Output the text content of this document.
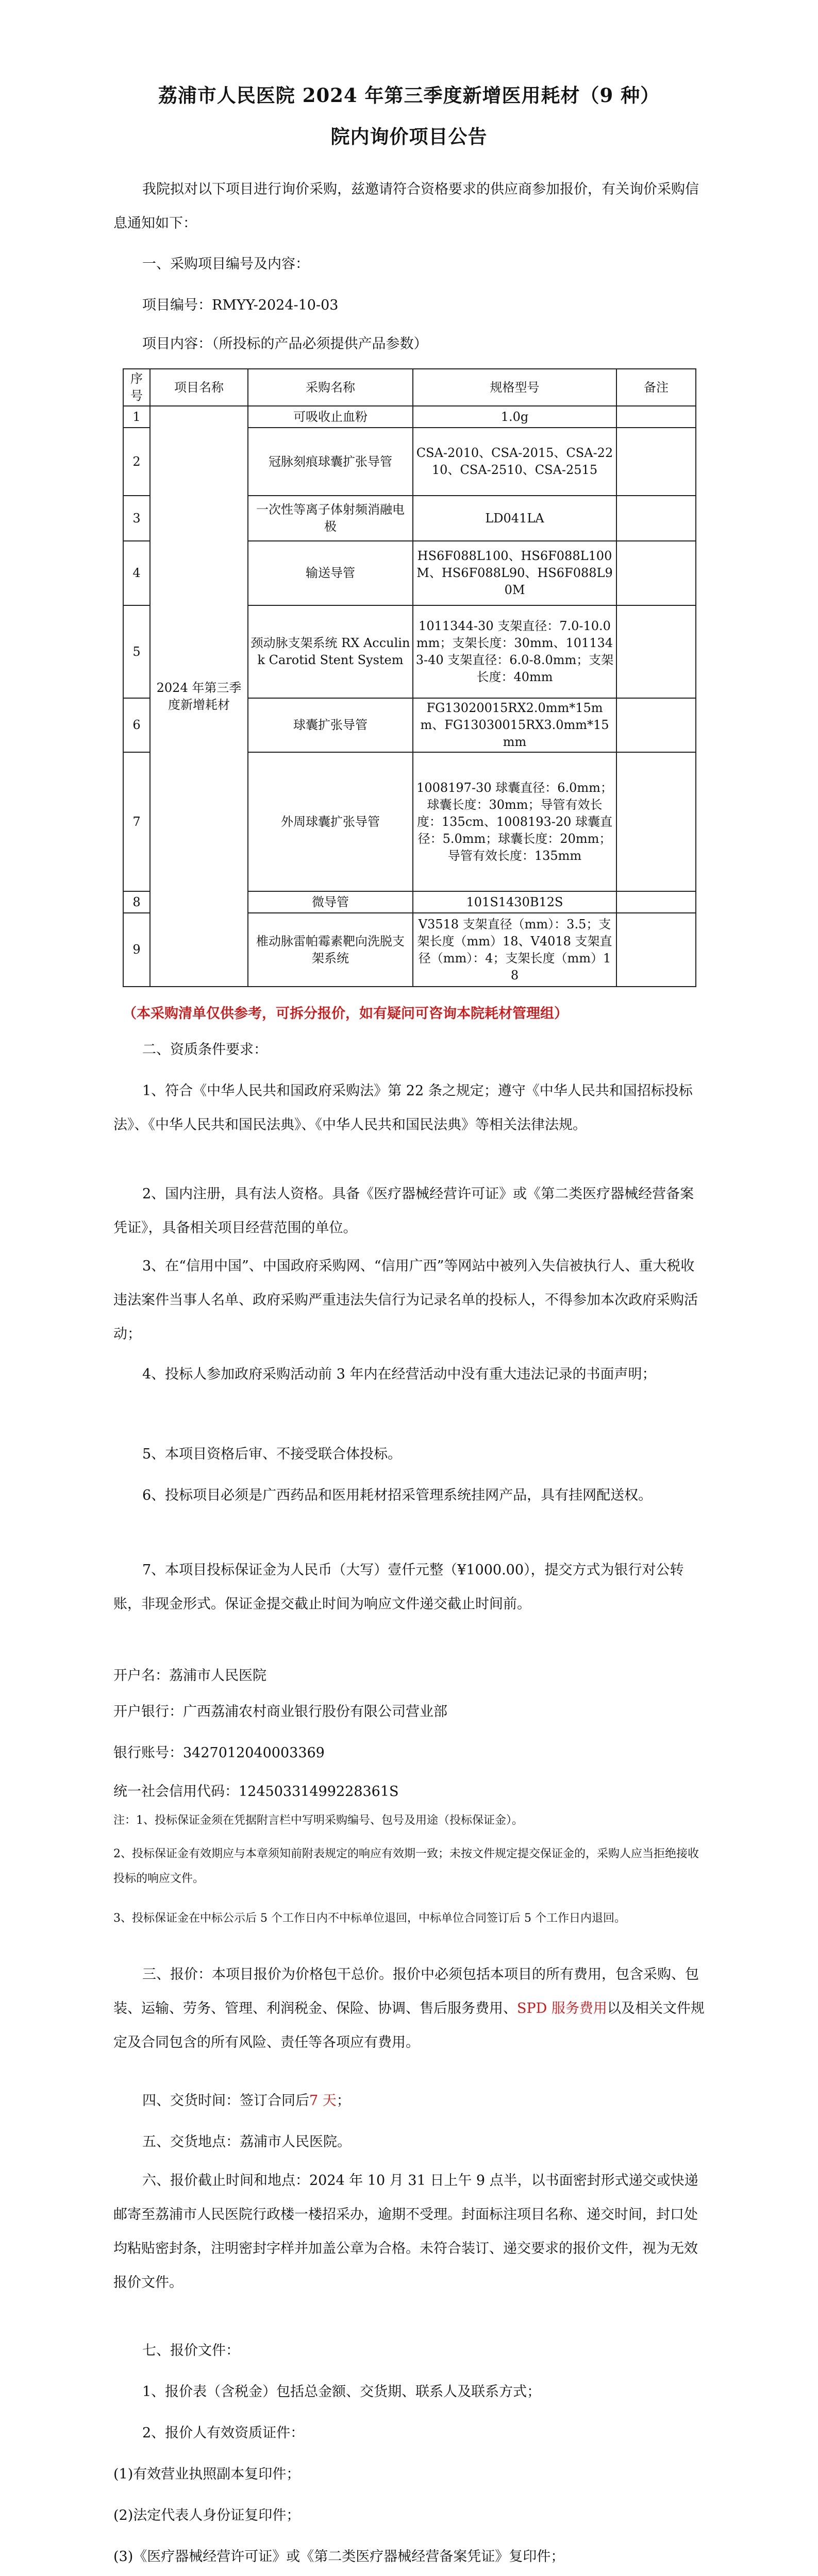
荔浦市人民医院 2024 年第三季度新增医用耗材（9 种）
院内询价项目公告
我院拟对以下项目进行询价采购，兹邀请符合资格要求的供应商参加报价，有关询价采购信息通知如下：
一、采购项目编号及内容：
项目编号：RMYY-2024-10-03
项目内容：（所投标的产品必须提供产品参数）
序号	项目名称	采购名称	规格型号	备注
1	2024 年第三季度新增耗材	可吸收止血粉	1.0g	
2		冠脉刻痕球囊扩张导管	CSA-2010、CSA-2015、CSA-2210、CSA-2510、CSA-2515	
3		一次性等离子体射频消融电极	LD041LA	
4		输送导管	HS6F088L100、HS6F088L100M、HS6F088L90、HS6F088L90M	
5		颈动脉支架系统 RX Acculink Carotid Stent System	1011344-30 支架直径：7.0-10.0mm；支架长度：30mm、1011343-40 支架直径：6.0-8.0mm；支架长度：40mm	
6		球囊扩张导管	FG13020015RX2.0mm*15mm、FG13030015RX3.0mm*15mm	
7		外周球囊扩张导管	1008197-30 球囊直径：6.0mm；球囊长度：30mm；导管有效长度：135cm、1008193-20 球囊直径：5.0mm；球囊长度：20mm；导管有效长度：135mm	
8		微导管	101S1430B12S	
9		椎动脉雷帕霉素靶向洗脱支架系统	V3518 支架直径（mm）：3.5；支架长度（mm）18、V4018 支架直径（mm）：4；支架长度（mm）18	
（本采购清单仅供参考，可拆分报价，如有疑问可咨询本院耗材管理组）
二、资质条件要求：
1、符合《中华人民共和国政府采购法》第 22 条之规定；遵守《中华人民共和国招标投标法》、《中华人民共和国民法典》、《中华人民共和国民法典》等相关法律法规。
2、国内注册，具有法人资格。具备《医疗器械经营许可证》或《第二类医疗器械经营备案凭证》，具备相关项目经营范围的单位。
3、在“信用中国”、中国政府采购网、“信用广西”等网站中被列入失信被执行人、重大税收违法案件当事人名单、政府采购严重违法失信行为记录名单的投标人，不得参加本次政府采购活动；
4、投标人参加政府采购活动前 3 年内在经营活动中没有重大违法记录的书面声明；
5、本项目资格后审、不接受联合体投标。
6、投标项目必须是广西药品和医用耗材招采管理系统挂网产品，具有挂网配送权。
7、本项目投标保证金为人民币（大写）壹仟元整（¥1000.00），提交方式为银行对公转账，非现金形式。保证金提交截止时间为响应文件递交截止时间前。
开户名：荔浦市人民医院
开户银行：广西荔浦农村商业银行股份有限公司营业部
银行账号：3427012040003369
统一社会信用代码：12450331499228361S
注：1、投标保证金须在凭据附言栏中写明采购编号、包号及用途（投标保证金）。
2、投标保证金有效期应与本章须知前附表规定的响应有效期一致；未按文件规定提交保证金的，采购人应当拒绝接收投标的响应文件。
3、投标保证金在中标公示后 5 个工作日内不中标单位退回，中标单位合同签订后 5 个工作日内退回。
三、报价：本项目报价为价格包干总价。报价中必须包括本项目的所有费用，包含采购、包装、运输、劳务、管理、利润税金、保险、协调、售后服务费用、SPD 服务费用以及相关文件规定及合同包含的所有风险、责任等各项应有费用。
四、交货时间：签订合同后7 天；
五、交货地点：荔浦市人民医院。
六、报价截止时间和地点：2024 年 10 月 31 日上午 9 点半，以书面密封形式递交或快递邮寄至荔浦市人民医院行政楼一楼招采办，逾期不受理。封面标注项目名称、递交时间，封口处均粘贴密封条，注明密封字样并加盖公章为合格。未符合装订、递交要求的报价文件，视为无效报价文件。
七、报价文件：
1、报价表（含税金）包括总金额、交货期、联系人及联系方式；
2、报价人有效资质证件：
(1)有效营业执照副本复印件；
(2)法定代表人身份证复印件；
(3)《医疗器械经营许可证》或《第二类医疗器械经营备案凭证》复印件；
